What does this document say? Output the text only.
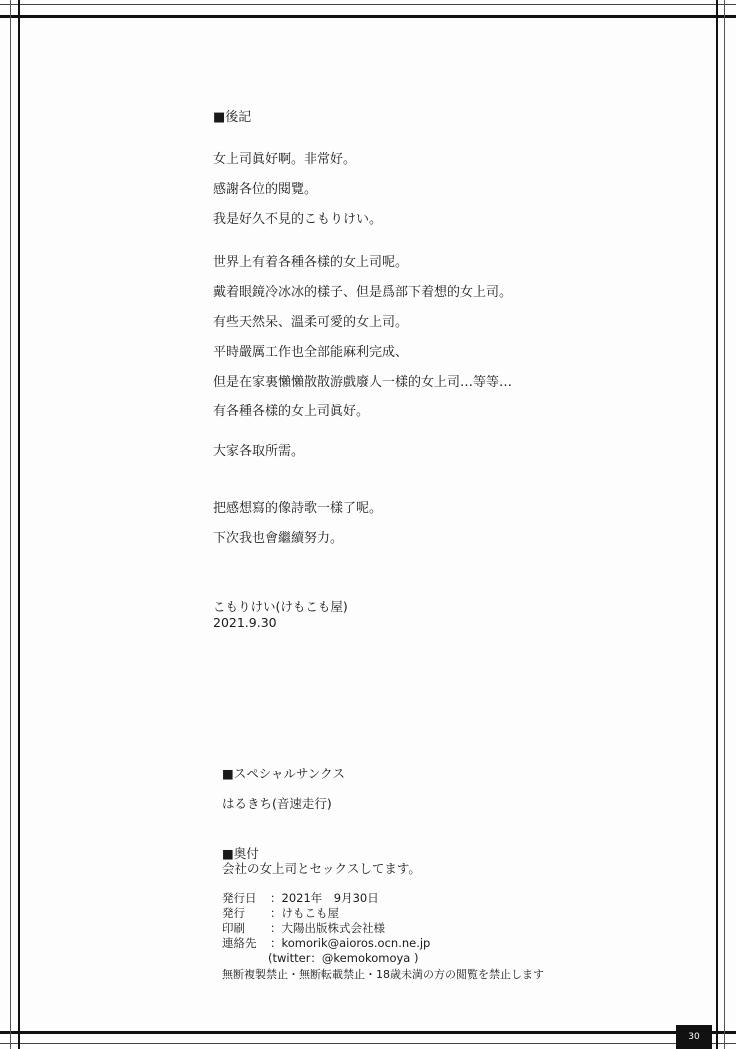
■後記
女上司眞好啊。非常好。
感謝各位的閱覽。
我是好久不見的こもりけい。
世界上有着各種各樣的女上司呢。
戴着眼鏡冷冰冰的樣子、但是爲部下着想的女上司。
有些天然呆、溫柔可愛的女上司。
平時嚴厲工作也全部能麻利完成、
但是在家裏懶懶散散游戲廢人一樣的女上司…等等…
有各種各樣的女上司眞好。
大家各取所需。
把感想寫的像詩歌一樣了呢。
下次我也會繼續努力。
こもりけい(けもこも屋)
2021.9.30
■スペシャルサンクス
はるきち(音速走行)
■奥付
会社の女上司とセックスしてます。
発行日 ：2021年　9月30日
発行 ：けもこも屋
印刷 ：大陽出版株式会社様
連絡先 ：komorik@aioros.ocn.ne.jp
(twitter：@kemokomoya )
無断複製禁止・無断転載禁止・18歳未満の方の閲覧を禁止します
30
